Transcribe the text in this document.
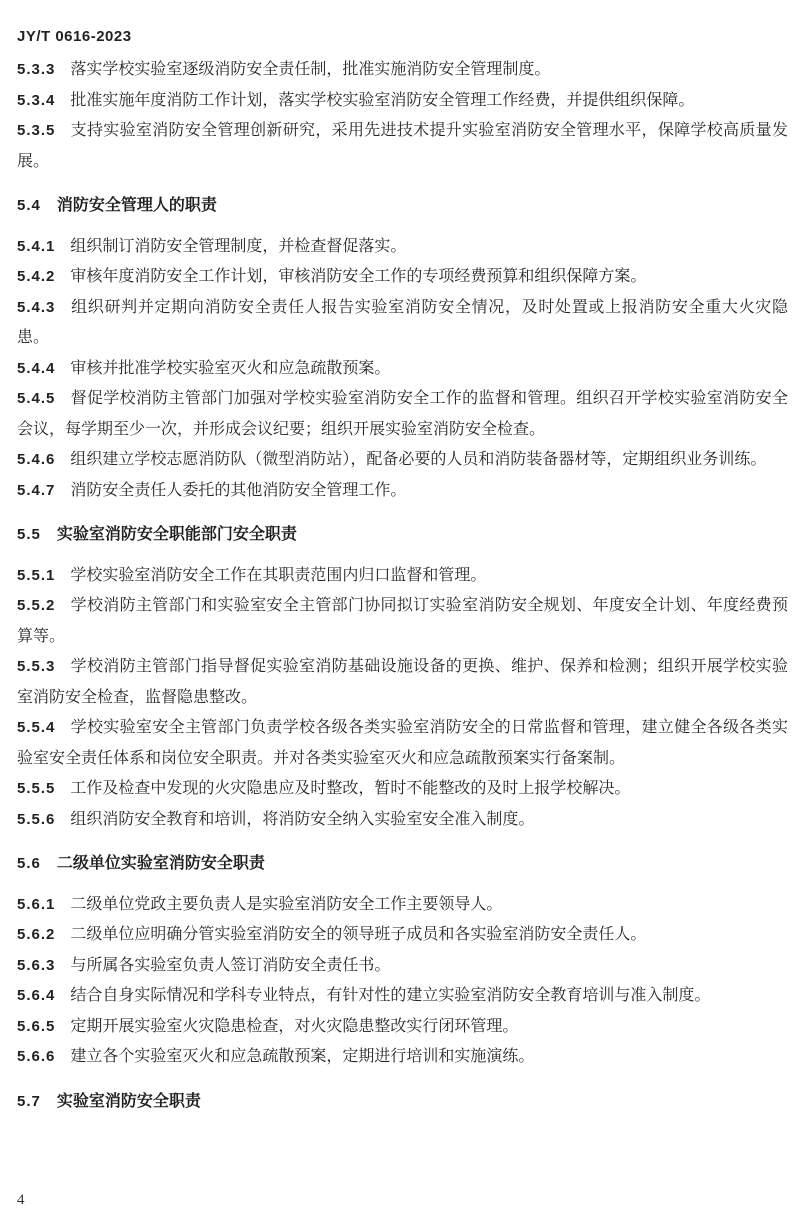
JY/T 0616-2023

5.3.3 落实学校实验室逐级消防安全责任制，批准实施消防安全管理制度。

5.3.4 批准实施年度消防工作计划，落实学校实验室消防安全管理工作经费，并提供组织保障。

5.3.5 支持实验室消防安全管理创新研究，采用先进技术提升实验室消防安全管理水平，保障学校高质量发展。

5.4 消防安全管理人的职责

5.4.1 组织制订消防安全管理制度，并检查督促落实。

5.4.2 审核年度消防安全工作计划，审核消防安全工作的专项经费预算和组织保障方案。

5.4.3 组织研判并定期向消防安全责任人报告实验室消防安全情况，及时处置或上报消防安全重大火灾隐患。

5.4.4 审核并批准学校实验室灭火和应急疏散预案。

5.4.5 督促学校消防主管部门加强对学校实验室消防安全工作的监督和管理。组织召开学校实验室消防安全会议，每学期至少一次，并形成会议纪要；组织开展实验室消防安全检查。

5.4.6 组织建立学校志愿消防队（微型消防站），配备必要的人员和消防装备器材等，定期组织业务训练。

5.4.7 消防安全责任人委托的其他消防安全管理工作。

5.5 实验室消防安全职能部门安全职责

5.5.1 学校实验室消防安全工作在其职责范围内归口监督和管理。

5.5.2 学校消防主管部门和实验室安全主管部门协同拟订实验室消防安全规划、年度安全计划、年度经费预算等。

5.5.3 学校消防主管部门指导督促实验室消防基础设施设备的更换、维护、保养和检测；组织开展学校实验室消防安全检查，监督隐患整改。

5.5.4 学校实验室安全主管部门负责学校各级各类实验室消防安全的日常监督和管理，建立健全各级各类实验室安全责任体系和岗位安全职责。并对各类实验室灭火和应急疏散预案实行备案制。

5.5.5 工作及检查中发现的火灾隐患应及时整改，暂时不能整改的及时上报学校解决。

5.5.6 组织消防安全教育和培训，将消防安全纳入实验室安全准入制度。

5.6 二级单位实验室消防安全职责

5.6.1 二级单位党政主要负责人是实验室消防安全工作主要领导人。

5.6.2 二级单位应明确分管实验室消防安全的领导班子成员和各实验室消防安全责任人。

5.6.3 与所属各实验室负责人签订消防安全责任书。

5.6.4 结合自身实际情况和学科专业特点，有针对性的建立实验室消防安全教育培训与准入制度。

5.6.5 定期开展实验室火灾隐患检查，对火灾隐患整改实行闭环管理。

5.6.6 建立各个实验室灭火和应急疏散预案，定期进行培训和实施演练。

5.7 实验室消防安全职责

4
